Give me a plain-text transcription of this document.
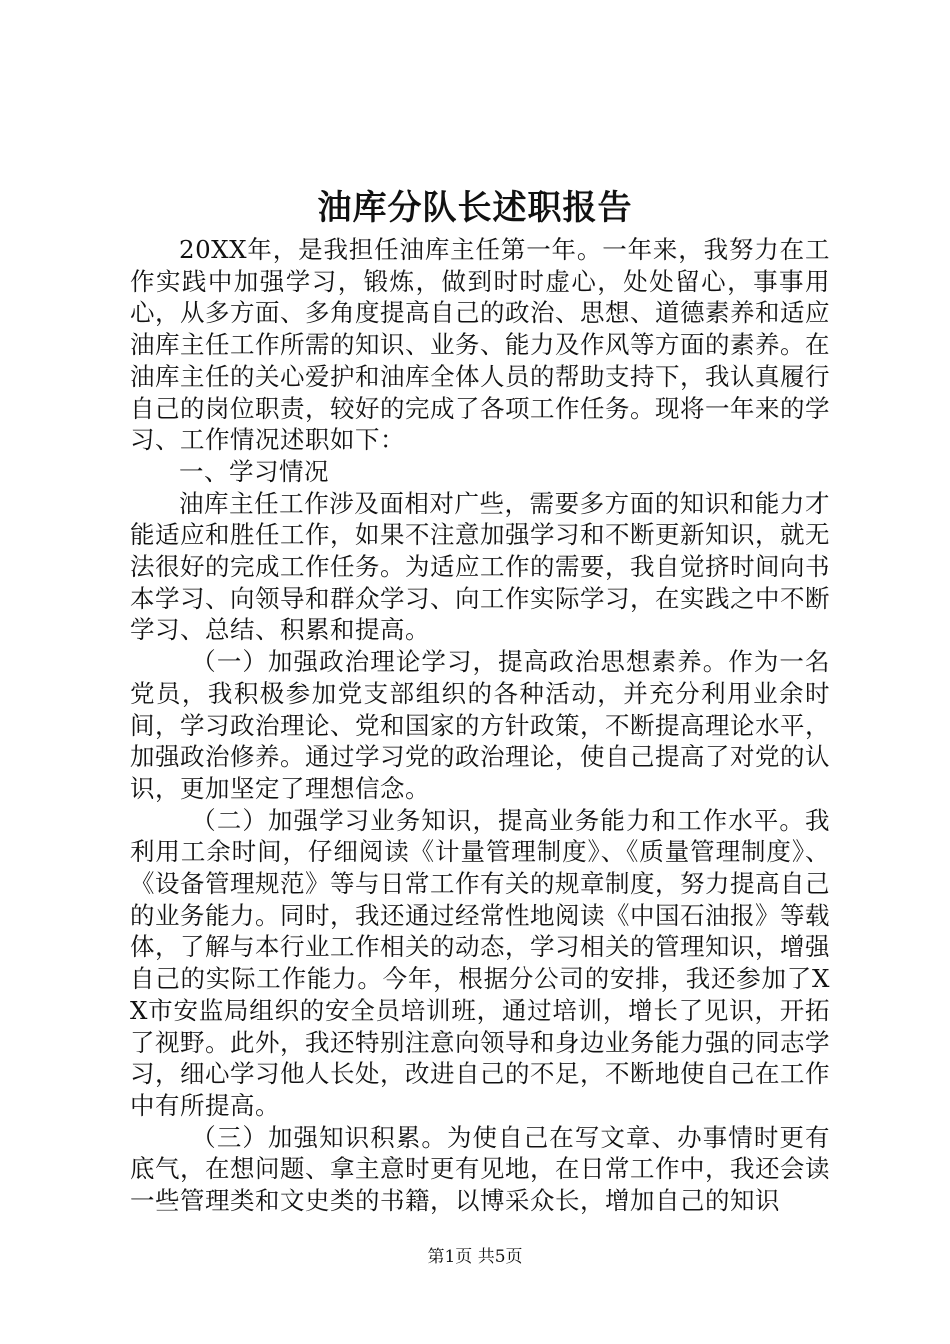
油库分队长述职报告

20XX年，是我担任油库主任第一年。一年来，我努力在工作实践中加强学习，锻炼，做到时时虚心，处处留心，事事用心，从多方面、多角度提高自己的政治、思想、道德素养和适应油库主任工作所需的知识、业务、能力及作风等方面的素养。在油库主任的关心爱护和油库全体人员的帮助支持下，我认真履行自己的岗位职责，较好的完成了各项工作任务。现将一年来的学习、工作情况述职如下：

一、学习情况

油库主任工作涉及面相对广些，需要多方面的知识和能力才能适应和胜任工作，如果不注意加强学习和不断更新知识，就无法很好的完成工作任务。为适应工作的需要，我自觉挤时间向书本学习、向领导和群众学习、向工作实际学习，在实践之中不断学习、总结、积累和提高。

（一）加强政治理论学习，提高政治思想素养。作为一名党员，我积极参加党支部组织的各种活动，并充分利用业余时间，学习政治理论、党和国家的方针政策，不断提高理论水平，加强政治修养。通过学习党的政治理论，使自己提高了对党的认识，更加坚定了理想信念。

（二）加强学习业务知识，提高业务能力和工作水平。我利用工余时间，仔细阅读《计量管理制度》、《质量管理制度》、《设备管理规范》等与日常工作有关的规章制度，努力提高自己的业务能力。同时，我还通过经常性地阅读《中国石油报》等载体，了解与本行业工作相关的动态，学习相关的管理知识，增强自己的实际工作能力。今年，根据分公司的安排，我还参加了XX市安监局组织的安全员培训班，通过培训，增长了见识，开拓了视野。此外，我还特别注意向领导和身边业务能力强的同志学习，细心学习他人长处，改进自己的不足，不断地使自己在工作中有所提高。

（三）加强知识积累。为使自己在写文章、办事情时更有底气，在想问题、拿主意时更有见地，在日常工作中，我还会读一些管理类和文史类的书籍，以博采众长，增加自己的知识

第1页 共5页
